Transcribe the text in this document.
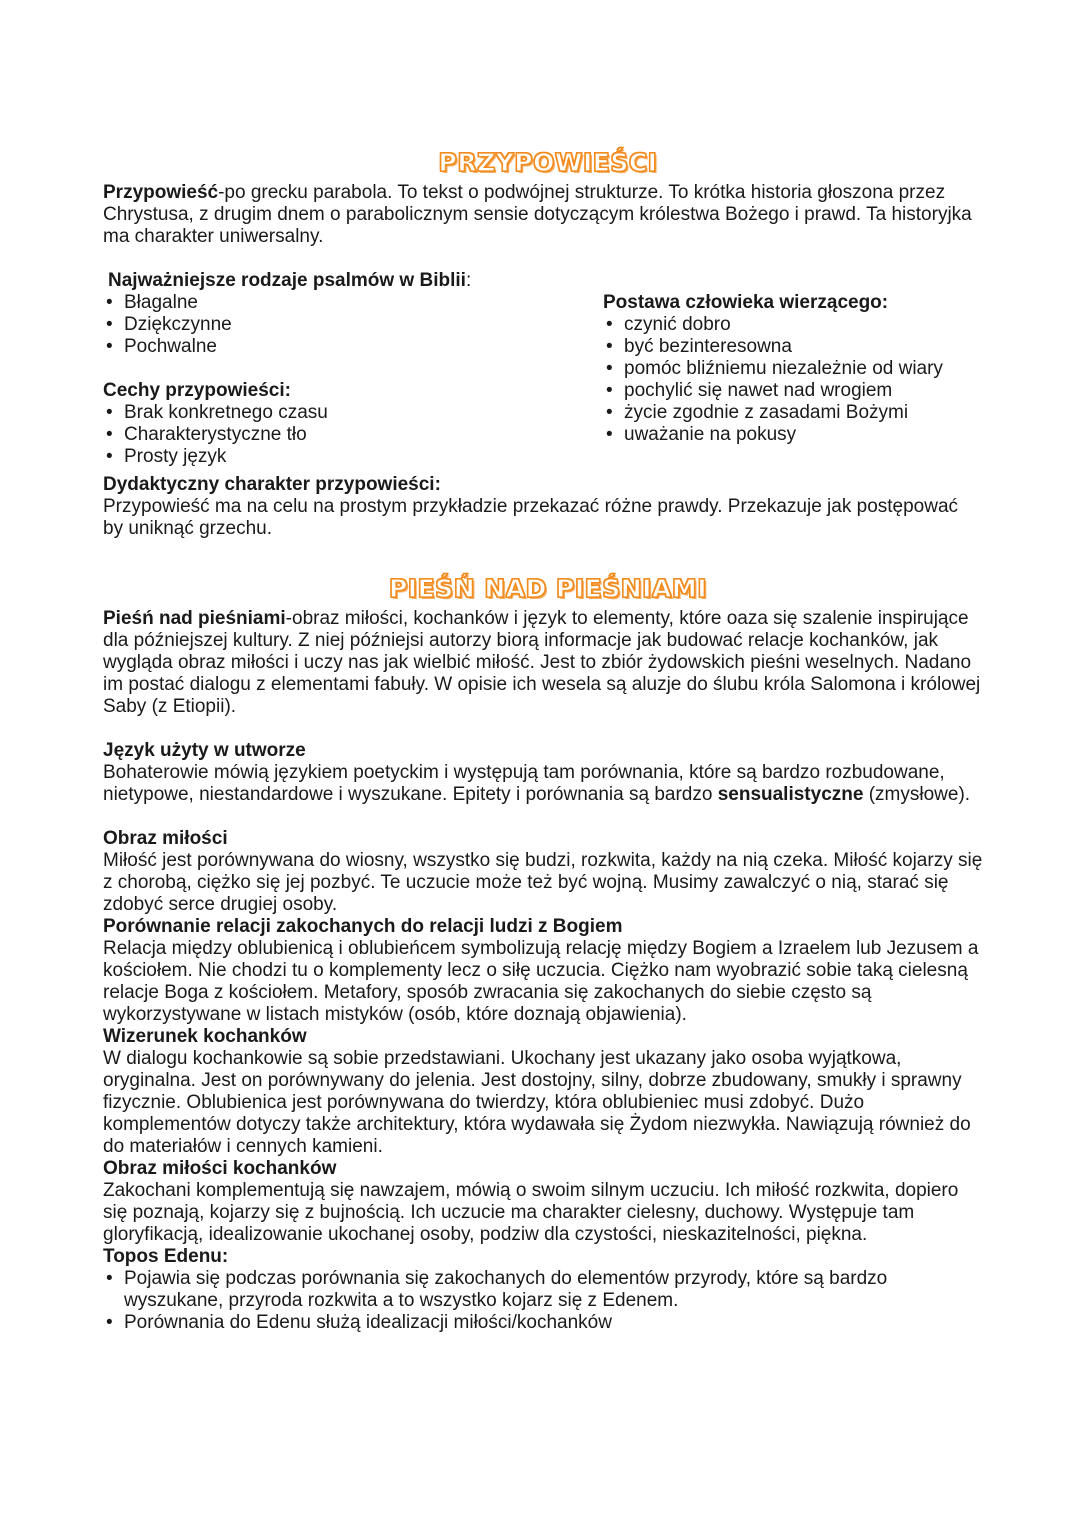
PRZYPOWIEŚCI

Przypowieść-po grecku parabola. To tekst o podwójnej strukturze. To krótka historia głoszona przez Chrystusa, z drugim dnem o parabolicznym sensie dotyczącym królestwa Bożego i prawd. Ta historyjka ma charakter uniwersalny.

Najważniejsze rodzaje psalmów w Biblii:

• Błagalne
• Dziękczynne
• Pochwalne

Cechy przypowieści:

• Brak konkretnego czasu
• Charakterystyczne tło
• Prosty język

Postawa człowieka wierzącego:

• czynić dobro
• być bezinteresowna
• pomóc bliźniemu niezależnie od wiary
• pochylić się nawet nad wrogiem
• życie zgodnie z zasadami Bożymi
• uważanie na pokusy

Dydaktyczny charakter przypowieści:

Przypowieść ma na celu na prostym przykładzie przekazać różne prawdy. Przekazuje jak postępować by uniknąć grzechu.

PIEŚŃ NAD PIEŚNIAMI

Pieśń nad pieśniami-obraz miłości, kochanków i język to elementy, które oaza się szalenie inspirujące dla późniejszej kultury. Z niej późniejsi autorzy biorą informacje jak budować relacje kochanków, jak wygląda obraz miłości i uczy nas jak wielbić miłość. Jest to zbiór żydowskich pieśni weselnych. Nadano im postać dialogu z elementami fabuły. W opisie ich wesela są aluzje do ślubu króla Salomona i królowej Saby (z Etiopii).

Język użyty w utworze

Bohaterowie mówią językiem poetyckim i występują tam porównania, które są bardzo rozbudowane, nietypowe, niestandardowe i wyszukane. Epitety i porównania są bardzo sensualistyczne (zmysłowe).

Obraz miłości

Miłość jest porównywana do wiosny, wszystko się budzi, rozkwita, każdy na nią czeka. Miłość kojarzy się z chorobą, ciężko się jej pozbyć. Te uczucie może też być wojną. Musimy zawalczyć o nią, starać się zdobyć serce drugiej osoby.

Porównanie relacji zakochanych do relacji ludzi z Bogiem

Relacja między oblubienicą i oblubieńcem symbolizują relację między Bogiem a Izraelem lub Jezusem a kościołem. Nie chodzi tu o komplementy lecz o siłę uczucia. Ciężko nam wyobrazić sobie taką cielesną relacje Boga z kościołem. Metafory, sposób zwracania się zakochanych do siebie często są wykorzystywane w listach mistyków (osób, które doznają objawienia).

Wizerunek kochanków

W dialogu kochankowie są sobie przedstawiani. Ukochany jest ukazany jako osoba wyjątkowa, oryginalna. Jest on porównywany do jelenia. Jest dostojny, silny, dobrze zbudowany, smukły i sprawny fizycznie. Oblubienica jest porównywana do twierdzy, która oblubieniec musi zdobyć. Dużo komplementów dotyczy także architektury, która wydawała się Żydom niezwykła. Nawiązują również do do materiałów i cennych kamieni.

Obraz miłości kochanków

Zakochani komplementują się nawzajem, mówią o swoim silnym uczuciu. Ich miłość rozkwita, dopiero się poznają, kojarzy się z bujnością. Ich uczucie ma charakter cielesny, duchowy. Występuje tam gloryfikacją, idealizowanie ukochanej osoby, podziw dla czystości, nieskazitelności, piękna.

Topos Edenu:

• Pojawia się podczas porównania się zakochanych do elementów przyrody, które są bardzo wyszukane, przyroda rozkwita a to wszystko kojarz się z Edenem.
• Porównania do Edenu służą idealizacji miłości/kochanków
